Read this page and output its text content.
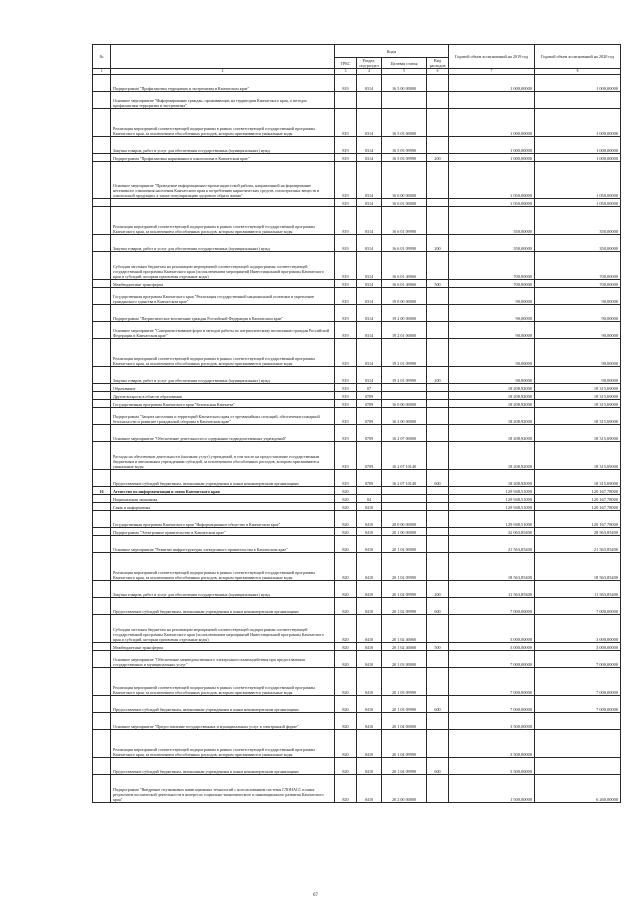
№		Коды				Годовой объем ассигнований на 2019 год	Годовой объем ассигнований на 2020 год
		ГРБС	Раздел, под-раздел	Целевая статья	Вид расходов		
1	2	3	4	5	6	7	8
	Подпрограмма "Профилактика терроризма и экстремизма в Камчатском крае"	819	0314	16 5 00 00000		1 000,00000	1 000,00000
	Основное мероприятие "Информирование граждан, проживающих на территории Камчатского края, о методах профилактики терроризма и экстремизма"						
	Реализация мероприятий соответствующей подпрограммы в рамках соответствующей государственной программы Камчатского края, за исключением обособленных расходов, которым присваиваются уникальные коды	819	0314	16 5 03 00000		1 000,00000	1 000,00000
	Закупка товаров, работ и услуг для обеспечения государственных (муниципальных) нужд	819	0314	16 5 03 09990		1 000,00000	1 000,00000
	Подпрограмма "Профилактика наркомании и алкоголизма в Камчатском крае"	819	0314	16 5 03 09990	200	1 000,00000	1 000,00000
	Основное мероприятие "Проведение информационно-пропагандистской работы, направленной на формирование негативного отношения населения Камчатского края к потреблению наркотических средств, психотропных веществ и алкогольной продукции, а также популяризацию здорового образа жизни"	819	0314	16 6 00 00000		1 050,00000	1 050,00000
		819	0314	16 6 01 00000		1 050,00000	1 050,00000
	Реализация мероприятий соответствующей подпрограммы в рамках соответствующей государственной программы Камчатского края, за исключением обособленных расходов, которым присваиваются уникальные коды	819	0314	16 6 01 09990		350,00000	350,00000
	Закупка товаров, работ и услуг для обеспечения государственных (муниципальных) нужд	819	0314	16 6 01 09990	200	350,00000	350,00000
	Субсидии местным бюджетам на реализацию мероприятий соответствующей подпрограммы соответствующей государственной программы Камчатского края (за исключением мероприятий Инвестиционной программы Камчатского края и субсидий, которым присвоены отдельные коды)	819	0314	16 6 01 40060		700,00000	700,00000
	Межбюджетные трансферты	819	0314	16 6 01 40060	500	700,00000	700,00000
	Государственная программа Камчатского края "Реализация государственной национальной политики и укрепление гражданского единства в Камчатском крае"	819	0314	19 0 00 00000		90,00000	90,00000
	Подпрограмма "Патриотическое воспитание граждан Российской Федерации в Камчатском крае"	819	0314	19 2 00 00000		90,00000	90,00000
	Основное мероприятие "Совершенствование форм и методов работы по патриотическому воспитанию граждан Российской Федерации в Камчатском крае"	819	0314	19 2 01 00000		90,00000	90,00000
	Реализация мероприятий соответствующей подпрограммы в рамках соответствующей государственной программы Камчатского края, за исключением обособленных расходов, которым присваиваются уникальные коды	819	0314	19 2 01 09990		90,00000	90,00000
	Закупка товаров, работ и услуг для обеспечения государственных (муниципальных) нужд	819	0314	19 2 01 09990	200	90,00000	90,00000
	Образование	819	07			18 208,92000	18 315,69000
	Другие вопросы в области образования	819	0709			18 208,92000	18 315,69000
	Государственная программа Камчатского края "Безопасная Камчатка"	819	0709	16 0 00 00000		18 208,92000	18 315,69000
	Подпрограмма "Защита населения и территорий Камчатского края от чрезвычайных ситуаций, обеспечение пожарной безопасности и развитие гражданской обороны в Камчатском крае"	819	0709	16 2 00 00000		18 208,92000	18 315,69000
	Основное мероприятие "Обеспечение деятельности и содержание подведомственных учреждений"	819	0709	16 2 07 00000		18 208,92000	18 315,69000
	Расходы на обеспечение деятельности (оказание услуг) учреждений, в том числе на предоставление государственным бюджетным и автономным учреждениям субсидий, за исключением обособленных расходов, которым присваиваются уникальные коды	819	0709	16 2 07 10140		18 208,92000	18 315,69000
	Предоставление субсидий бюджетным, автономным учреждениям и иным некоммерческим организациям	819	0709	16 2 07 10140	600	18 208,92000	18 315,69000
16	Агентство по информатизации и связи Камчатского края	820				129 948,51000	120 167,78000
	Национальная экономика	820	04			129 948,51000	120 167,78000
	Связь и информатика	820	0410			129 948,51000	120 167,78000
	Государственная программа Камчатского края "Информационное общество в Камчатском крае"	820	0410	20 0 00 00000		129 948,51000	120 167,78000
	Подпрограмма "Электронное правительство в Камчатском крае"	820	0410	20 1 00 00000		32 063,85400	28 563,85400
	Основное мероприятие "Развитие инфраструктуры электронного правительства в Камчатском крае"	820	0410	20 1 02 00000		21 563,85400	21 563,85400
	Реализация мероприятий соответствующей подпрограммы в рамках соответствующей государственной программы Камчатского края, за исключением обособленных расходов, которым присваиваются уникальные коды	820	0410	20 1 02 09990		18 563,85400	18 563,85400
	Закупка товаров, работ и услуг для обеспечения государственных (муниципальных) нужд	820	0410	20 1 02 09990	200	11 563,85400	11 563,85400
	Предоставление субсидий бюджетным, автономным учреждениям и иным некоммерческим организациям	820	0410	20 1 02 09990	600	7 000,00000	7 000,00000
	Субсидии местным бюджетам на реализацию мероприятий соответствующей подпрограммы соответствующей государственной программы Камчатского края (за исключением мероприятий Инвестиционной программы Камчатского края и субсидий, которым присвоены отдельные коды)	820	0410	20 1 02 40060		3 000,00000	3 000,00000
	Межбюджетные трансферты	820	0410	20 1 02 40060	500	3 000,00000	3 000,00000
	Основное мероприятие "Обеспечение межведомственного электронного взаимодействия при предоставлении государственных и муниципальных услуг"	820	0410	20 1 03 00000		7 000,00000	7 000,00000
	Реализация мероприятий соответствующей подпрограммы в рамках соответствующей государственной программы Камчатского края, за исключением обособленных расходов, которым присваиваются уникальные коды	820	0410	20 1 03 09990		7 000,00000	7 000,00000
	Предоставление субсидий бюджетным, автономным учреждениям и иным некоммерческим организациям	820	0410	20 1 03 09990	600	7 000,00000	7 000,00000
	Основное мероприятие "Предоставление государственных и муниципальных услуг в электронной форме"	820	0410	20 1 04 00000		3 500,00000	
	Реализация мероприятий соответствующей подпрограммы в рамках соответствующей государственной программы Камчатского края, за исключением обособленных расходов, которым присваиваются уникальные коды	820	0410	20 1 04 09990		3 500,00000	
	Предоставление субсидий бюджетным, автономным учреждениям и иным некоммерческим организациям	820	0410	20 1 04 09990	600	3 500,00000	
	Подпрограмма "Внедрение спутниковых навигационных технологий с использованием системы ГЛОНАСС и иных результатов космической деятельности в интересах социально-экономического и инновационного развития Камчатского края"	820	0410	20 2 00 00000		1 500,00000	6 260,00000
67
